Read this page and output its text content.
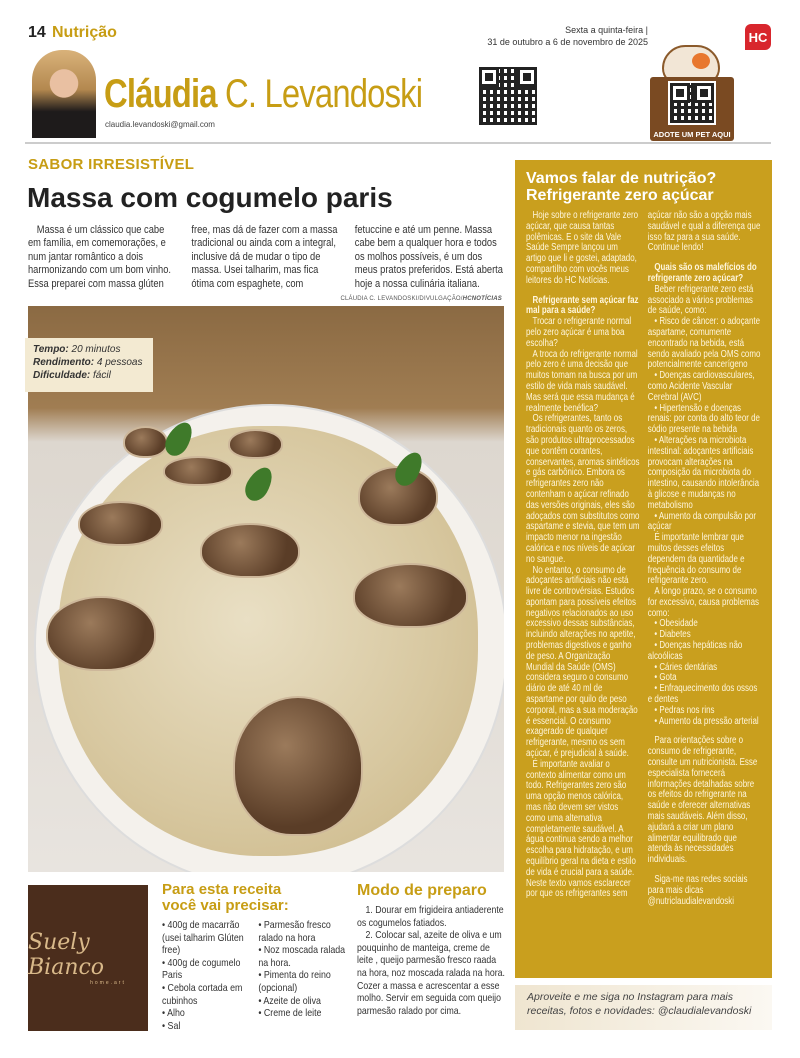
14 Nutrição	Sexta a quinta-feira |
31 de outubro a 6 de novembro de 2025	HC
Cláudia C. Levandoski
claudia.levandoski@gmail.com
ADOTE UM PET AQUI
SABOR IRRESISTÍVEL
Massa com cogumelo paris
Massa é um clássico que cabe em família, em comemorações, e num jantar romântico a dois harmonizando com um bom vinho. Essa preparei com massa glúten free, mas dá de fazer com a massa tradicional ou ainda com a integral, inclusive dá de mudar o tipo de massa. Usei talharim, mas fica ótima com espaghete, com fetuccine e até um penne. Massa cabe bem a qualquer hora e todos os molhos possíveis, é um dos meus pratos preferidos. Está aberta hoje a nossa culinária italiana.
CLÁUDIA C. LEVANDOSKI/DIVULGAÇÃO/HCNOTÍCIAS
Tempo: 20 minutos
Rendimento: 4 pessoas
Dificuldade: fácil
Suely Bianco
home.art
Para esta receita
você vai precisar:
• 400g de macarrão (usei talharim Glúten free)
• 400g de cogumelo Paris
• Cebola cortada em cubinhos
• Alho
• Sal
• Parmesão fresco ralado na hora
• Noz moscada ralada na hora.
• Pimenta do reino (opcional)
• Azeite de oliva
• Creme de leite
Modo de preparo

1. Dourar em frigideira antiaderente os cogumelos fatiados.

2. Colocar sal, azeite de oliva e um pouquinho de manteiga, creme de leite , queijo parmesão fresco raada na hora, noz moscada ralada na hora. Cozer a massa e acrescentar a esse molho. Servir em seguida com queijo parmesão ralado por cima.

Vamos falar de nutrição?
Refrigerante zero açúcar

Hoje sobre o refrigerante zero açúcar, que causa tantas polêmicas. E o site da Vale Saúde Sempre lançou um artigo que li e gostei, adaptado, compartilho com vocês meus leitores do HC Notícias.

Refrigerante sem açúcar faz mal para a saúde?

Trocar o refrigerante normal pelo zero açúcar é uma boa escolha?

A troca do refrigerante normal pelo zero é uma decisão que muitos tomam na busca por um estilo de vida mais saudável. Mas será que essa mudança é realmente benéfica?

Os refrigerantes, tanto os tradicionais quanto os zeros, são produtos ultraprocessados que contêm corantes, conservantes, aromas sintéticos e gás carbônico. Embora os refrigerantes zero não contenham o açúcar refinado das versões originais, eles são adoçados com substitutos como aspartame e stevia, que tem um impacto menor na ingestão calórica e nos níveis de açúcar no sangue.

No entanto, o consumo de adoçantes artificiais não está livre de controvérsias. Estudos apontam para possíveis efeitos negativos relacionados ao uso excessivo dessas substâncias, incluindo alterações no apetite, problemas digestivos e ganho de peso. A Organização Mundial da Saúde (OMS) considera seguro o consumo diário de até 40 ml de aspartame por quilo de peso corporal, mas a sua moderação é essencial. O consumo exagerado de qualquer refrigerante, mesmo os sem açúcar, é prejudicial à saúde.

É importante avaliar o contexto alimentar como um todo. Refrigerantes zero são uma opção menos calórica, mas não devem ser vistos como uma alternativa completamente saudável. A água continua sendo a melhor escolha para hidratação, e um equilíbrio geral na dieta e estilo de vida é crucial para a saúde. Neste texto vamos esclarecer por que os refrigerantes sem açúcar não são a opção mais saudável e qual a diferença que isso faz para a sua saúde. Continue lendo!

Quais são os malefícios do refrigerante zero açúcar?

Beber refrigerante zero está associado a vários problemas de saúde, como:

• Risco de câncer: o adoçante aspartame, comumente encontrado na bebida, está sendo avaliado pela OMS como potencialmente cancerígeno

• Doenças cardiovasculares, como Acidente Vascular Cerebral (AVC)

• Hipertensão e doenças renais: por conta do alto teor de sódio presente na bebida

• Alterações na microbiota intestinal: adoçantes artificiais provocam alterações na composição da microbiota do intestino, causando intolerância à glicose e mudanças no metabolismo

• Aumento da compulsão por açúcar

É importante lembrar que muitos desses efeitos dependem da quantidade e frequência do consumo de refrigerante zero.

A longo prazo, se o consumo for excessivo, causa problemas como:

• Obesidade

• Diabetes

• Doenças hepáticas não alcoólicas

• Cáries dentárias

• Gota

• Enfraquecimento dos ossos e dentes

• Pedras nos rins

• Aumento da pressão arterial

Para orientações sobre o consumo de refrigerante, consulte um nutricionista. Esse especialista fornecerá informações detalhadas sobre os efeitos do refrigerante na saúde e oferecer alternativas mais saudáveis. Além disso, ajudará a criar um plano alimentar equilibrado que atenda às necessidades individuais.

Siga-me nas redes sociais para mais dicas @nutriclaudialevandoski

Aproveite e me siga no Instagram para mais receitas, fotos e novidades: @claudialevandoski
